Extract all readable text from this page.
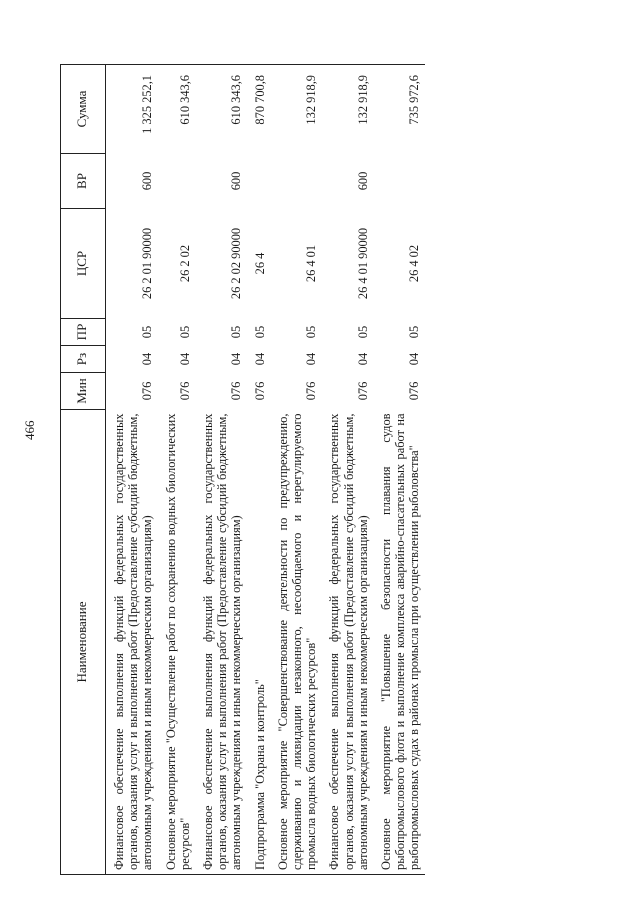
466
Наименование	Мин	Рз	ПР	ЦСР	ВР	Сумма
Финансовое обеспечение выполнения функций федеральных государственных органов, оказания услуг и выполнения работ (Предоставление субсидий бюджетным, автономным учреждениям и иным некоммерческим организациям)	076	04	05	26 2 01 90000	600	1 325 252,1
Основное мероприятие "Осуществление работ по сохранению водных биологических ресурсов"	076	04	05	26 2 02		610 343,6
Финансовое обеспечение выполнения функций федеральных государственных органов, оказания услуг и выполнения работ (Предоставление субсидий бюджетным, автономным учреждениям и иным некоммерческим организациям)	076	04	05	26 2 02 90000	600	610 343,6
Подпрограмма "Охрана и контроль"	076	04	05	26 4		870 700,8
Основное мероприятие "Совершенствование деятельности по предупреждению, сдерживанию и ликвидации незаконного, несообщаемого и нерегулируемого промысла водных биологических ресурсов"	076	04	05	26 4 01		132 918,9
Финансовое обеспечение выполнения функций федеральных государственных органов, оказания услуг и выполнения работ (Предоставление субсидий бюджетным, автономным учреждениям и иным некоммерческим организациям)	076	04	05	26 4 01 90000	600	132 918,9
Основное мероприятие "Повышение безопасности плавания судов рыбопромыслового флота и выполнение комплекса аварийно-спасательных работ на рыбопромысловых судах в районах промысла при осуществлении рыболовства"	076	04	05	26 4 02		735 972,6
